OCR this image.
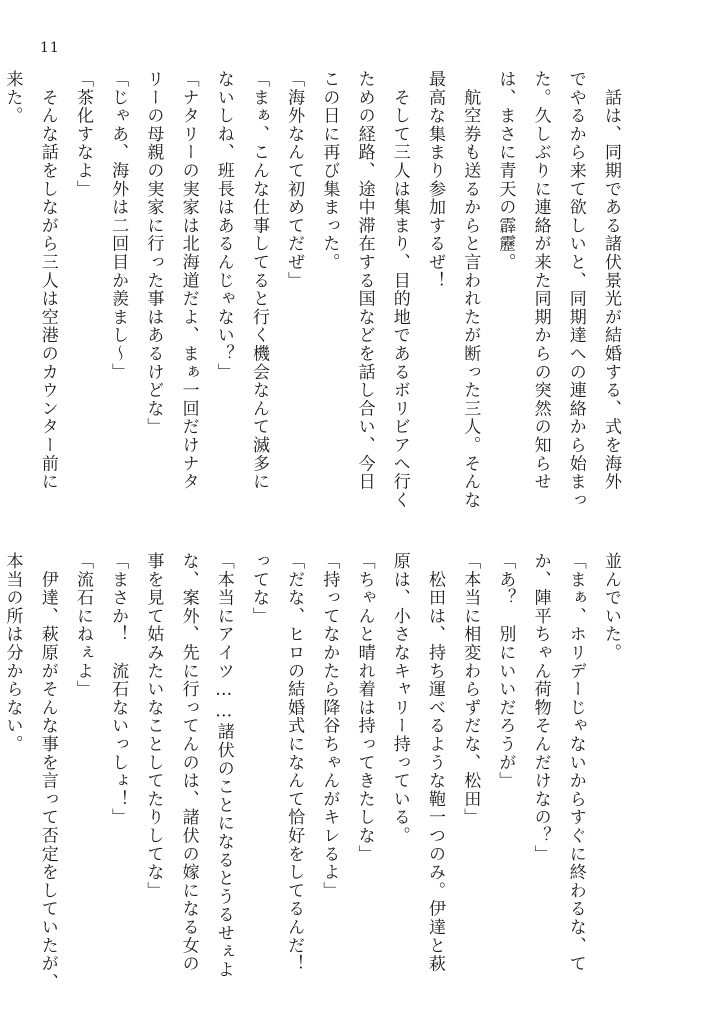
11
　話は、同期である諸伏景光が結婚する、式を海外
でやるから来て欲しいと、同期達への連絡から始まっ
た。久しぶりに連絡が来た同期からの突然の知らせ
は、まさに青天の霹靂。
　航空券も送るからと言われたが断った三人。そんな
最高な集まり参加するぜ！
　そして三人は集まり、目的地であるボリビアへ行く
ための経路、途中滞在する国などを話し合い、今日
この日に再び集まった。
「海外なんて初めてだぜ」
「まぁ、こんな仕事してると行く機会なんて滅多に
ないしね、班長はあるんじゃない？」
「ナタリーの実家は北海道だよ、まぁ一回だけナタ
リーの母親の実家に行った事はあるけどな」
「じゃあ、海外は二回目か羨まし～」
「茶化すなよ」
　そんな話をしながら三人は空港のカウンター前に
来た。
並んでいた。
「まぁ、ホリデーじゃないからすぐに終わるな、て
か、陣平ちゃん荷物そんだけなの？」
「あ？　別にいいだろうが」
「本当に相変わらずだな、松田」
　松田は、持ち運べるような鞄一つのみ。伊達と萩
原は、小さなキャリー持っている。
「ちゃんと晴れ着は持ってきたしな」
「持ってなかたら降谷ちゃんがキレるよ」
「だな、ヒロの結婚式になんて恰好をしてるんだ！
ってな」
「本当にアイツ……諸伏のことになるとうるせぇよ
な、案外、先に行ってんのは、諸伏の嫁になる女の
事を見て姑みたいなことしてたりしてな」
「まさか！　流石ないっしょ！」
「流石にねぇよ」
　伊達、萩原がそんな事を言って否定をしていたが、
本当の所は分からない。
